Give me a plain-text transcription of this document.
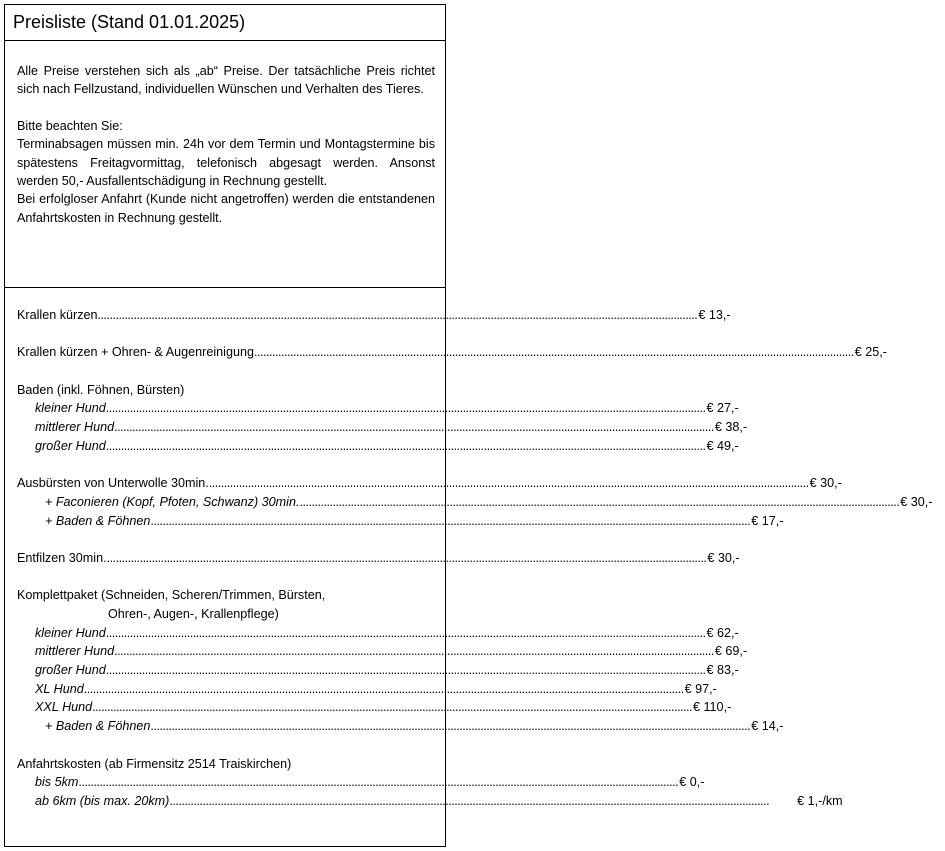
Preisliste (Stand 01.01.2025)

Alle Preise verstehen sich als „ab“ Preise. Der tatsächliche Preis richtet sich nach Fellzustand, individuellen Wünschen und Verhalten des Tieres.

Bitte beachten Sie:

Terminabsagen müssen min. 24h vor dem Termin und Montagstermine bis spätestens Freitagvormittag, telefonisch abgesagt werden. Ansonst werden 50,- Ausfallentschädigung in Rechnung gestellt.

Bei erfolgloser Anfahrt (Kunde nicht angetroffen) werden die entstandenen Anfahrtskosten in Rechnung gestellt.

Krallen kürzen ........................................................................................................................................................................................................ € 13,-
Krallen kürzen + Ohren- & Augenreinigung ........................................................................................................................................................................................................ € 25,-
Baden (inkl. Föhnen, Bürsten)
kleiner Hund ........................................................................................................................................................................................................ € 27,-
mittlerer Hund ........................................................................................................................................................................................................ € 38,-
großer Hund ........................................................................................................................................................................................................ € 49,-
Ausbürsten von Unterwolle 30min. ........................................................................................................................................................................................................ € 30,-
+ Faconieren (Kopf, Pfoten, Schwanz) 30min. ........................................................................................................................................................................................................ € 30,-
+ Baden & Föhnen ........................................................................................................................................................................................................ € 17,-
Entfilzen 30min. ........................................................................................................................................................................................................ € 30,-
Komplettpaket (Schneiden, Scheren/Trimmen, Bürsten,
Ohren-, Augen-, Krallenpflege)
kleiner Hund ........................................................................................................................................................................................................ € 62,-
mittlerer Hund ........................................................................................................................................................................................................ € 69,-
großer Hund ........................................................................................................................................................................................................ € 83,-
XL Hund ........................................................................................................................................................................................................ € 97,-
XXL Hund ........................................................................................................................................................................................................ € 110,-
+ Baden & Föhnen ........................................................................................................................................................................................................ € 14,-
Anfahrtskosten (ab Firmensitz 2514 Traiskirchen)
bis 5km ........................................................................................................................................................................................................ € 0,-
ab 6km (bis max. 20km) ........................................................................................................................................................................................................	€ 1,-/km
